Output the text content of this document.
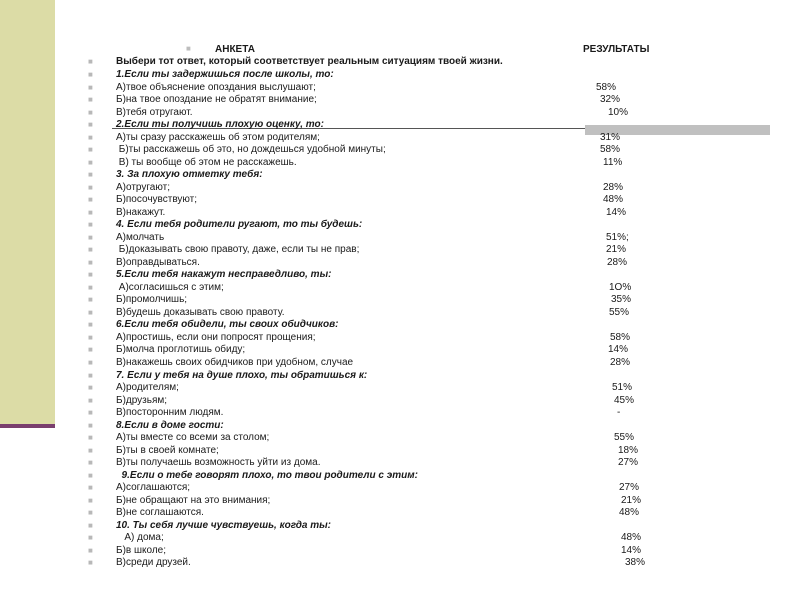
■ АНКЕТА	РЕЗУЛЬТАТЫ

■

Выбери тот ответ, который соответствует реальным ситуациям твоей жизни.

■ 1.Если ты задержишься после школы, то:
■ А)твое объяснение опоздания выслушают;	58%
■ Б)на твое опоздание не обратят внимание;	32%
■ В)тебя отругают.	10%
■ 2.Если ты получишь плохую оценку, то:
■ А)ты сразу расскажешь об этом родителям;	31%
■ Б)ты расскажешь об это, но дождешься удобной минуты;	58%
■ В) ты вообще об этом не расскажешь.	11%
■ 3. За плохую отметку тебя:
■ А)отругают;	28%
■ Б)посочувствуют;	48%
■ В)накажут.	14%
■ 4. Если тебя родители ругают, то ты будешь:
■ А)молчать	51%;
■ Б)доказывать свою правоту, даже, если ты не прав;	21%
■ В)оправдываться.	28%
■ 5.Если тебя накажут несправедливо, ты:
■ А)согласишься с этим;	1O%
■ Б)промолчишь;	35%
■ В)будешь доказывать свою правоту.	55%
■ 6.Если тебя обидели, ты своих обидчиков:
■ А)простишь, если они попросят прощения;	58%
■ Б)молча проглотишь обиду;	14%
■ В)накажешь своих обидчиков при удобном, случае	28%
■ 7. Если у тебя на душе плохо, ты обратишься к:
■ А)родителям;	51%
■ Б)друзьям;	45%
■ В)посторонним людям.	-
■ 8.Если в доме гости:
■ А)ты вместе со всеми за столом;	55%
■ Б)ты в своей комнате;	18%
■ В)ты получаешь возможность уйти из дома.	27%
■ 9.Если о тебе говорят плохо, то твои родители с этим:
■ А)соглашаются;	27%
■ Б)не обращают на это внимания;	21%
■ В)не соглашаются.	48%
■ 10. Ты себя лучше чувствуешь, когда ты:
■ А) дома;	48%
■ Б)в школе;	14%
■ В)среди друзей.	38%
